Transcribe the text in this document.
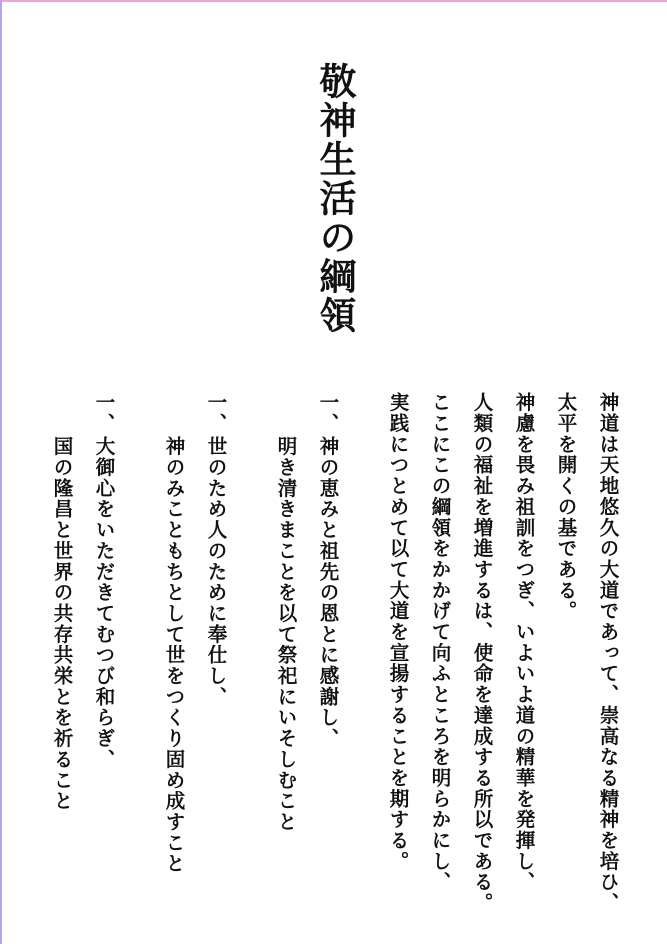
敬神生活の綱領
神道は天地悠久の大道であって、崇高なる精神を培ひ、
太平を開くの基である。
神慮を畏み祖訓をつぎ、いよいよ道の精華を発揮し、
人類の福祉を増進するは、使命を達成する所以である。
ここにこの綱領をかかげて向ふところを明らかにし、
実践につとめて以て大道を宣揚することを期する。
一、
神の恵みと祖先の恩とに感謝し、
明き清きまことを以て祭祀にいそしむこと
一、
世のため人のために奉仕し、
神のみこともちとして世をつくり固め成すこと
一、
大御心をいただきてむつび和らぎ、
国の隆昌と世界の共存共栄とを祈ること
